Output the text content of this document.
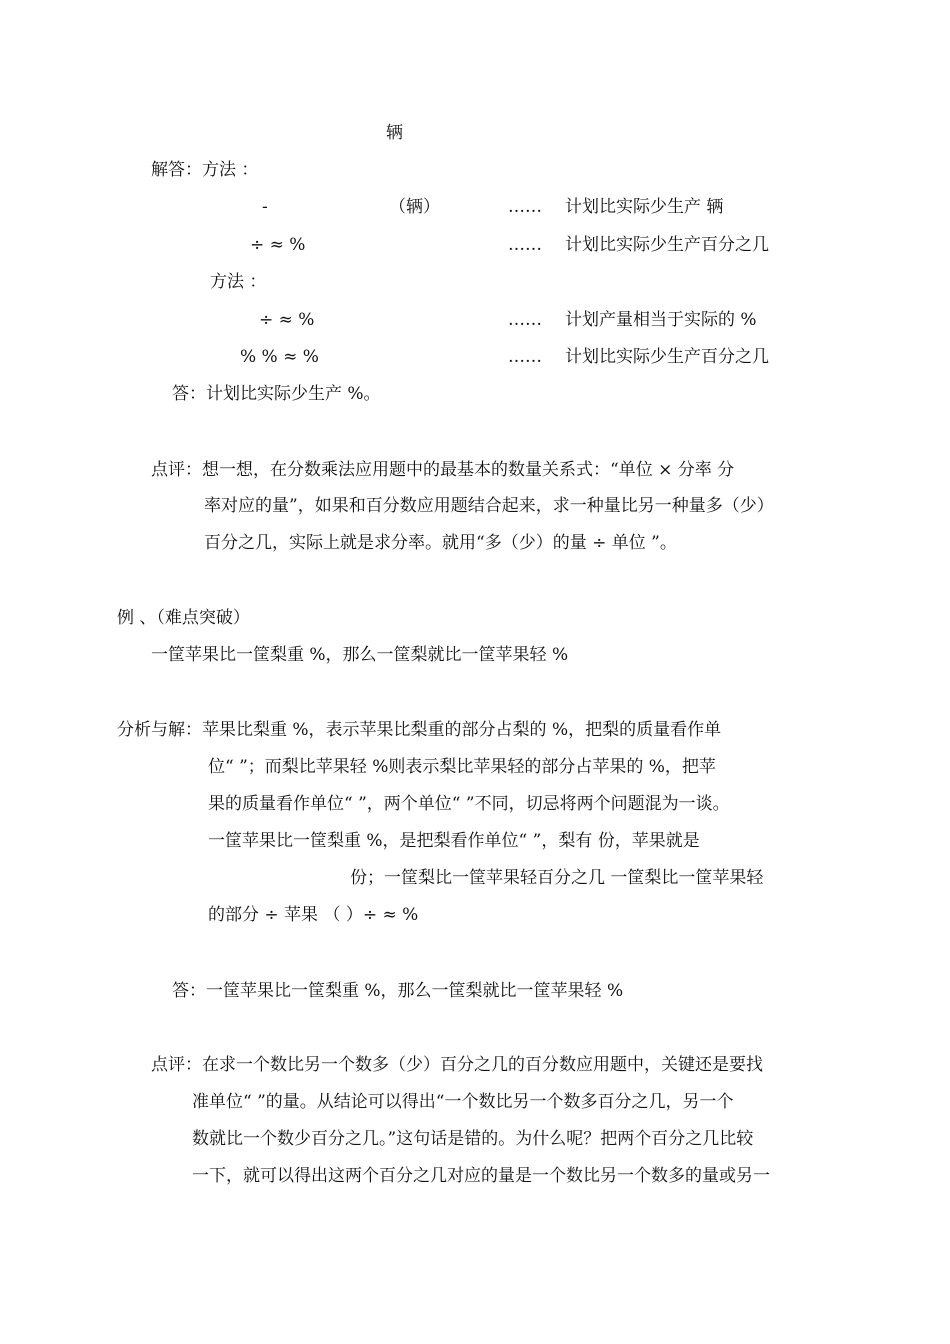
辆
解答：方法 ：
-	（辆）	…… 计划比实际少生产 辆
÷ ≈ %	…… 计划比实际少生产百分之几
方法 ：
÷ ≈ %	…… 计划产量相当于实际的 %
% % ≈ %	…… 计划比实际少生产百分之几
答：计划比实际少生产 %。
点评：想一想，在分数乘法应用题中的最基本的数量关系式：“单位 × 分率 分
率对应的量”，如果和百分数应用题结合起来，求一种量比另一种量多（少）
百分之几，实际上就是求分率。就用“多（少）的量 ÷ 单位 ”。
例 、（难点突破）
一筐苹果比一筐梨重 %，那么一筐梨就比一筐苹果轻 %
分析与解：苹果比梨重 %，表示苹果比梨重的部分占梨的 %，把梨的质量看作单
位“ ”；而梨比苹果轻 %则表示梨比苹果轻的部分占苹果的 %，把苹
果的质量看作单位“ ”，两个单位“ ”不同，切忌将两个问题混为一谈。
一筐苹果比一筐梨重 %，是把梨看作单位“ ”，梨有 份，苹果就是
份；一筐梨比一筐苹果轻百分之几 一筐梨比一筐苹果轻
的部分 ÷ 苹果 （ ）÷ ≈ %
答：一筐苹果比一筐梨重 %，那么一筐梨就比一筐苹果轻 %
点评：在求一个数比另一个数多（少）百分之几的百分数应用题中，关键还是要找
准单位“ ”的量。从结论可以得出“一个数比另一个数多百分之几，另一个
数就比一个数少百分之几。”这句话是错的。为什么呢？把两个百分之几比较
一下，就可以得出这两个百分之几对应的量是一个数比另一个数多的量或另一
